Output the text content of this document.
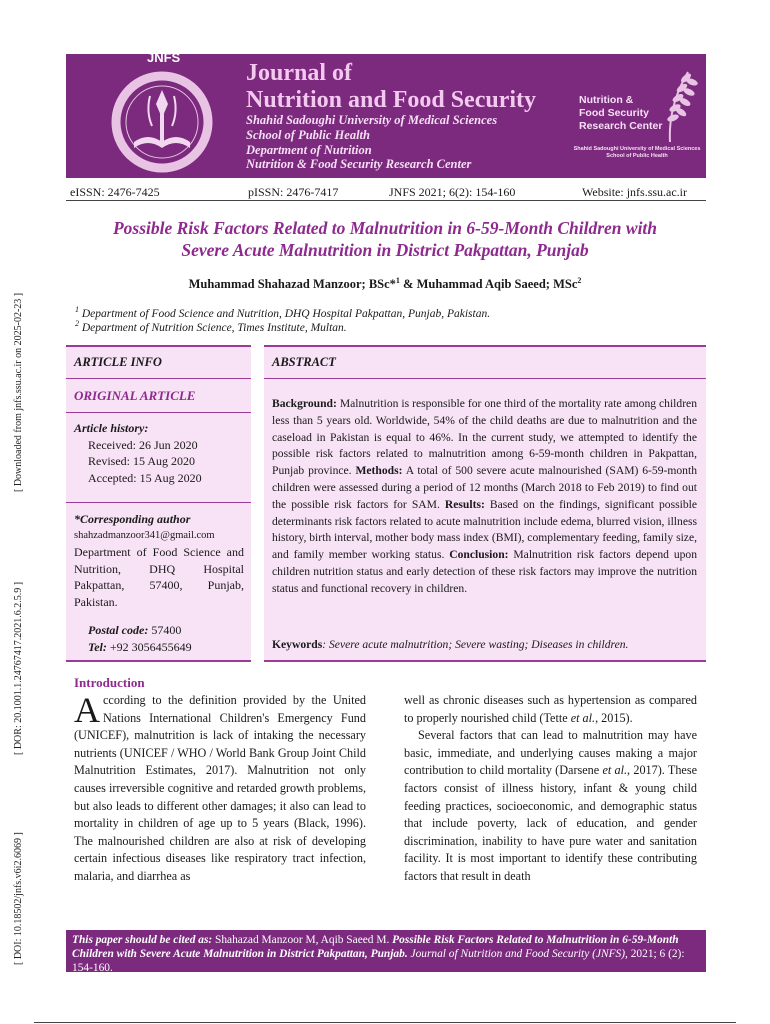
JNFS
Journal of
Nutrition and Food Security
Shahid Sadoughi University of Medical Sciences
School of Public Health
Department of Nutrition
Nutrition & Food Security Research Center
Nutrition &
Food Security
Research Center
Shahid Sadoughi University of Medical Sciences
School of Public Health
eISSN: 2476-7425	pISSN: 2476-7417	JNFS 2021; 6(2): 154-160	Website: jnfs.ssu.ac.ir
[ Downloaded from jnfs.ssu.ac.ir on 2025-02-23 ]
[ DOR: 20.1001.1.24767417.2021.6.2.5.9 ]
[ DOI: 10.18502/jnfs.v6i2.6069 ]
Possible Risk Factors Related to Malnutrition in 6-59-Month Children with
Severe Acute Malnutrition in District Pakpattan, Punjab
Muhammad Shahazad Manzoor; BSc*$^1$ & Muhammad Aqib Saeed; MSc$^2$
$^1$ Department of Food Science and Nutrition, DHQ Hospital Pakpattan, Punjab, Pakistan.
$^2$ Department of Nutrition Science, Times Institute, Multan.
ARTICLE INFO
ORIGINAL ARTICLE
Article history:
Received: 26 Jun 2020
Revised: 15 Aug 2020
Accepted: 15 Aug 2020
*Corresponding author
shahzadmanzoor341@gmail.com
Department of Food Science and Nutrition, DHQ Hospital Pakpattan, 57400, Punjab, Pakistan.
Postal code: 57400
Tel: +92 3056455649
ABSTRACT
Background: Malnutrition is responsible for one third of the mortality rate among children less than 5 years old. Worldwide, 54% of the child deaths are due to malnutrition and the caseload in Pakistan is equal to 46%. In the current study, we attempted to identify the possible risk factors related to malnutrition among 6-59-month children in Pakpattan, Punjab province. Methods: A total of 500 severe acute malnourished (SAM) 6-59-month children were assessed during a period of 12 months (March 2018 to Feb 2019) to find out the possible risk factors for SAM. Results: Based on the findings, significant possible determinants risk factors related to acute malnutrition include edema, blurred vision, illness history, birth interval, mother body mass index (BMI), complementary feeding, family size, and family member working status. Conclusion: Malnutrition risk factors depend upon children nutrition status and early detection of these risk factors may improve the nutrition status and functional recovery in children.
Keywords: Severe acute malnutrition; Severe wasting; Diseases in children.
Introduction
According to the definition provided by the United Nations International Children's Emergency Fund (UNICEF), malnutrition is lack of intaking the necessary nutrients (UNICEF / WHO / World Bank Group Joint Child Malnutrition Estimates, 2017). Malnutrition not only causes irreversible cognitive and retarded growth problems, but also leads to different other damages; it also can lead to mortality in children of age up to 5 years (Black, 1996). The malnourished children are also at risk of developing certain infectious diseases like respiratory tract infection, malaria, and diarrhea as
well as chronic diseases such as hypertension as compared to properly nourished child (Tette et al., 2015).
Several factors that can lead to malnutrition may have basic, immediate, and underlying causes making a major contribution to child mortality (Darsene et al., 2017). These factors consist of illness history, infant & young child feeding practices, socioeconomic, and demographic status that include poverty, lack of education, and gender discrimination, inability to have pure water and sanitation facility. It is most important to identify these contributing factors that result in death
This paper should be cited as: Shahazad Manzoor M, Aqib Saeed M. Possible Risk Factors Related to Malnutrition in 6-59-Month Children with Severe Acute Malnutrition in District Pakpattan, Punjab. Journal of Nutrition and Food Security (JNFS), 2021; 6 (2): 154-160.
